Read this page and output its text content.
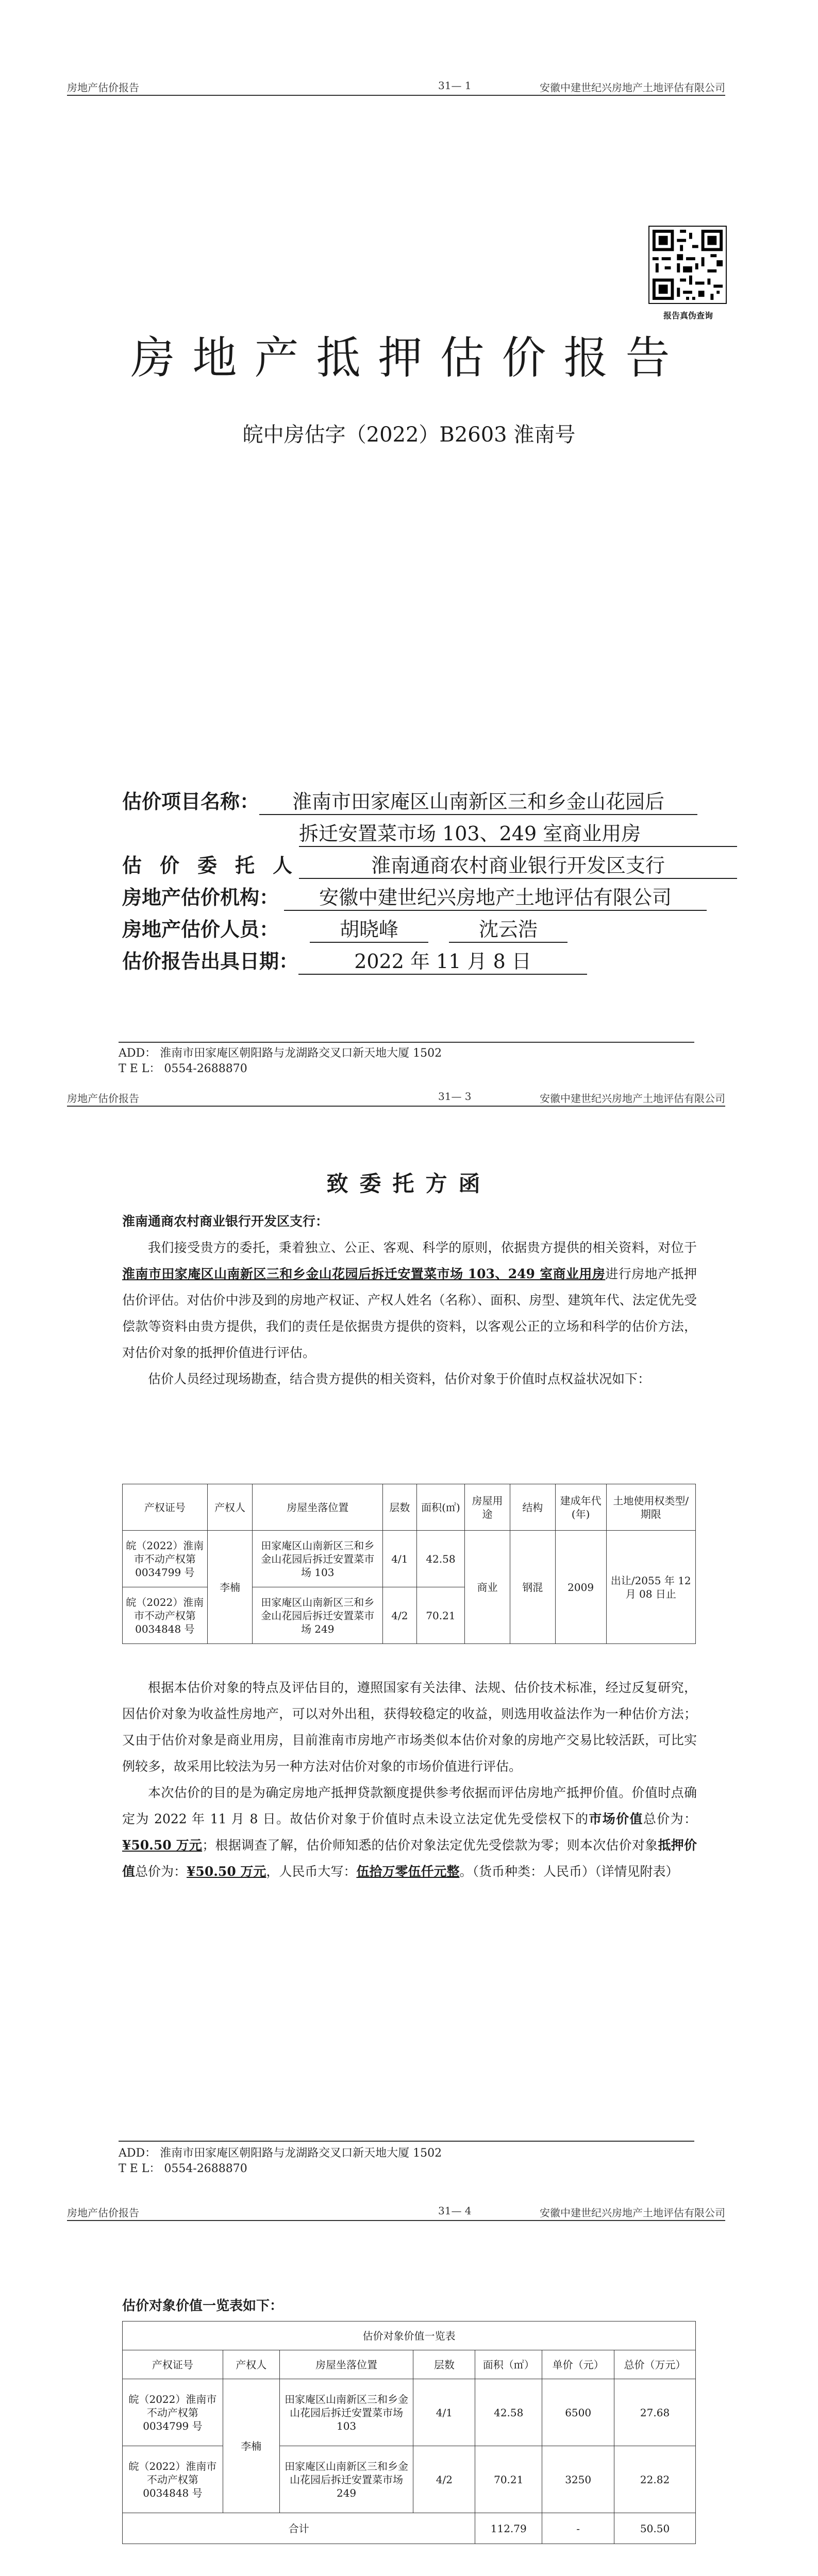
房地产估价报告	31— 1	安徽中建世纪兴房地产土地评估有限公司
报告真伪查询
房地产抵押估价报告
皖中房估字（2022）B2603 淮南号
估价项目名称： 淮南市田家庵区山南新区三和乡金山花园后
拆迁安置菜市场 103、249 室商业用房
估价委托人	淮南通商农村商业银行开发区支行
房地产估价机构： 安徽中建世纪兴房地产土地评估有限公司
房地产估价人员：	胡晓峰	沈云浩
估价报告出具日期：	2022 年 11 月 8 日
ADD： 淮南市田家庵区朝阳路与龙湖路交叉口新天地大厦 1502
T E L： 0554-2688870
房地产估价报告	31— 3	安徽中建世纪兴房地产土地评估有限公司
致委托方函

淮南通商农村商业银行开发区支行：

我们接受贵方的委托，秉着独立、公正、客观、科学的原则，依据贵方提供的相关资料，对位于淮南市田家庵区山南新区三和乡金山花园后拆迁安置菜市场 103、249 室商业用房进行房地产抵押估价评估。对估价中涉及到的房地产权证、产权人姓名（名称）、面积、房型、建筑年代、法定优先受偿款等资料由贵方提供，我们的责任是依据贵方提供的资料，以客观公正的立场和科学的估价方法，对估价对象的抵押价值进行评估。

估价人员经过现场勘查，结合贵方提供的相关资料，估价对象于价值时点权益状况如下：

产权证号	产权人	房屋坐落位置	层数	面积(㎡)	房屋用途	结构	建成年代(年)	土地使用权类型/期限
皖（2022）淮南市不动产权第 0034799 号	李楠	田家庵区山南新区三和乡金山花园后拆迁安置菜市场 103	4/1	42.58	商业	钢混	2009	出让/2055 年 12 月 08 日止
皖（2022）淮南市不动产权第 0034848 号		田家庵区山南新区三和乡金山花园后拆迁安置菜市场 249	4/2	70.21				

根据本估价对象的特点及评估目的，遵照国家有关法律、法规、估价技术标准，经过反复研究，因估价对象为收益性房地产，可以对外出租，获得较稳定的收益，则选用收益法作为一种估价方法；又由于估价对象是商业用房，目前淮南市房地产市场类似本估价对象的房地产交易比较活跃，可比实例较多，故采用比较法为另一种方法对估价对象的市场价值进行评估。

本次估价的目的是为确定房地产抵押贷款额度提供参考依据而评估房地产抵押价值。价值时点确定为 2022 年 11 月 8 日。故估价对象于价值时点未设立法定优先受偿权下的市场价值总价为：¥50.50 万元；根据调查了解，估价师知悉的估价对象法定优先受偿款为零；则本次估价对象抵押价值总价为：¥50.50 万元，人民币大写：伍拾万零伍仟元整。（货币种类：人民币）（详情见附表）

ADD： 淮南市田家庵区朝阳路与龙湖路交叉口新天地大厦 1502
T E L： 0554-2688870
房地产估价报告	31— 4	安徽中建世纪兴房地产土地评估有限公司
估价对象价值一览表如下：
估价对象价值一览表						
产权证号	产权人	房屋坐落位置	层数	面积（㎡）	单价（元）	总价（万元）
皖（2022）淮南市不动产权第 0034799 号	李楠	田家庵区山南新区三和乡金山花园后拆迁安置菜市场 103	4/1	42.58	6500	27.68
皖（2022）淮南市不动产权第 0034848 号		田家庵区山南新区三和乡金山花园后拆迁安置菜市场 249	4/2	70.21	3250	22.82
合计				112.79	-	50.50
